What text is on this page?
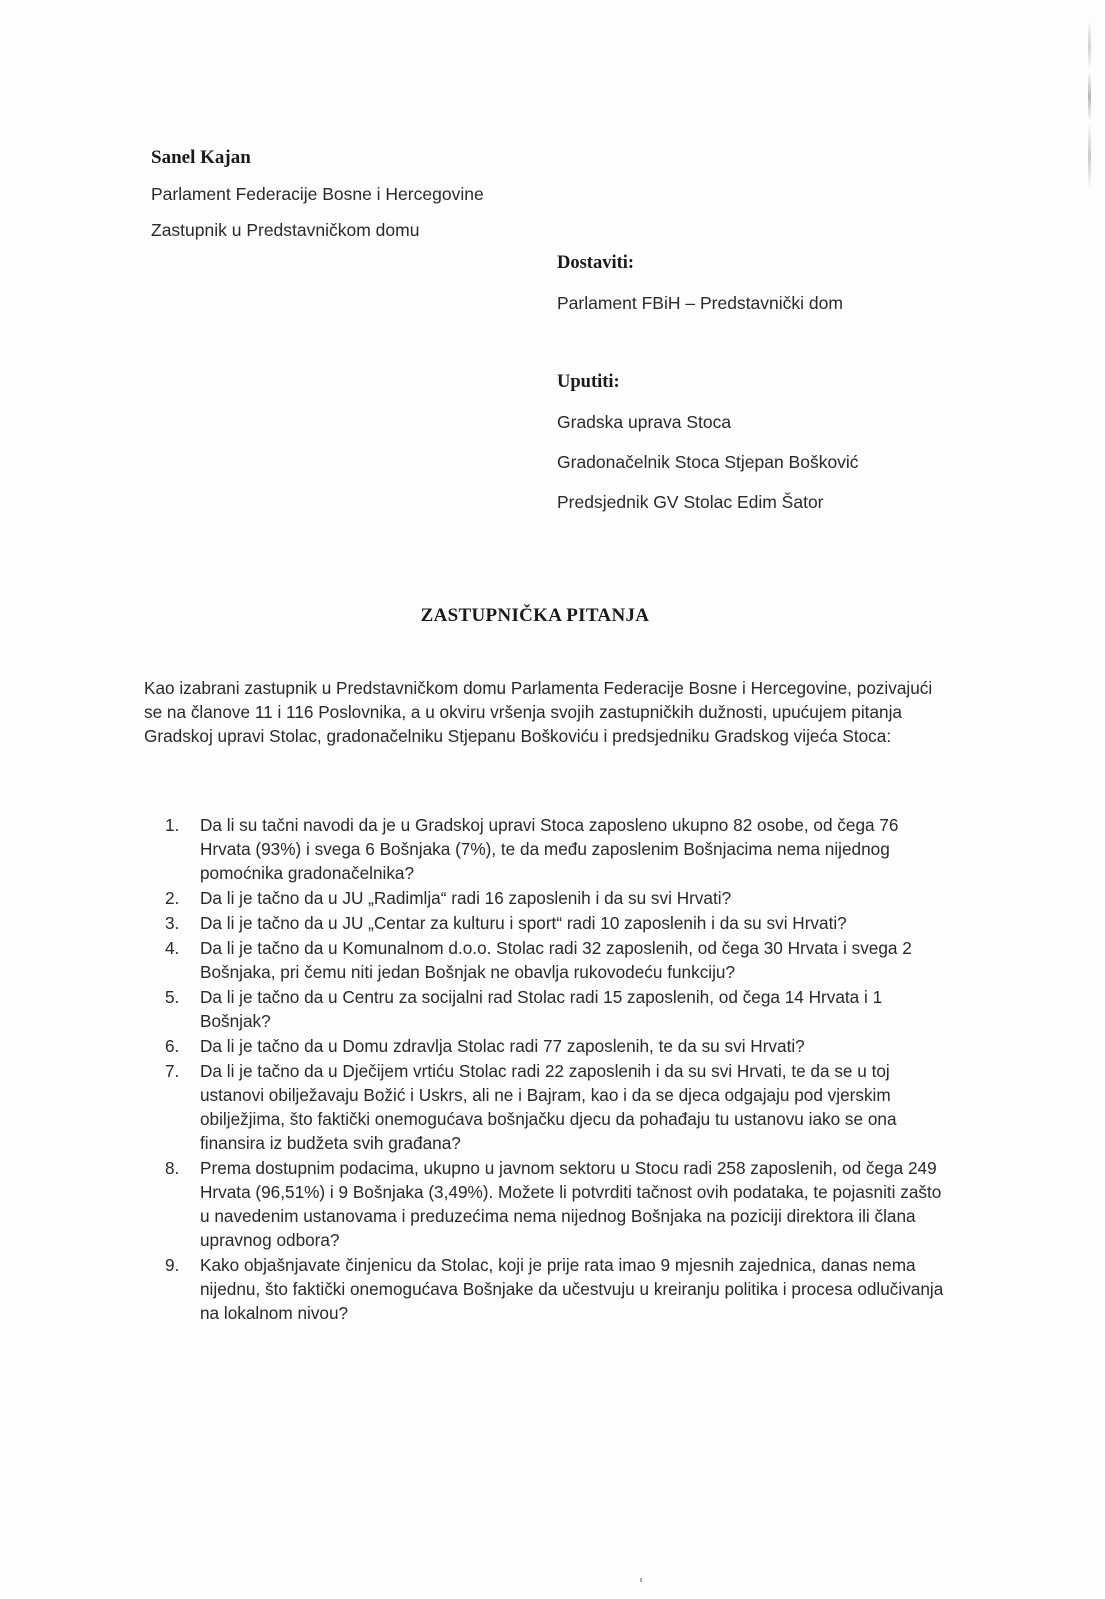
Sanel Kajan
Parlament Federacije Bosne i Hercegovine
Zastupnik u Predstavničkom domu
Dostaviti:
Parlament FBiH – Predstavnički dom
Uputiti:
Gradska uprava Stoca
Gradonačelnik Stoca Stjepan Bošković
Predsjednik GV Stolac Edim Šator
ZASTUPNIČKA PITANJA
Kao izabrani zastupnik u Predstavničkom domu Parlamenta Federacije Bosne i Hercegovine, pozivajući se na članove 11 i 116 Poslovnika, a u okviru vršenja svojih zastupničkih dužnosti, upućujem pitanja Gradskoj upravi Stolac, gradonačelniku Stjepanu Boškoviću i predsjedniku Gradskog vijeća Stoca:
1.	Da li su tačni navodi da je u Gradskoj upravi Stoca zaposleno ukupno 82 osobe, od čega 76 Hrvata (93%) i svega 6 Bošnjaka (7%), te da među zaposlenim Bošnjacima nema nijednog pomoćnika gradonačelnika?
2.	Da li je tačno da u JU „Radimlja“ radi 16 zaposlenih i da su svi Hrvati?
3.	Da li je tačno da u JU „Centar za kulturu i sport“ radi 10 zaposlenih i da su svi Hrvati?
4.	Da li je tačno da u Komunalnom d.o.o. Stolac radi 32 zaposlenih, od čega 30 Hrvata i svega 2 Bošnjaka, pri čemu niti jedan Bošnjak ne obavlja rukovodeću funkciju?
5.	Da li je tačno da u Centru za socijalni rad Stolac radi 15 zaposlenih, od čega 14 Hrvata i 1 Bošnjak?
6.	Da li je tačno da u Domu zdravlja Stolac radi 77 zaposlenih, te da su svi Hrvati?
7.	Da li je tačno da u Dječijem vrtiću Stolac radi 22 zaposlenih i da su svi Hrvati, te da se u toj ustanovi obilježavaju Božić i Uskrs, ali ne i Bajram, kao i da se djeca odgajaju pod vjerskim obilježjima, što faktički onemogućava bošnjačku djecu da pohađaju tu ustanovu iako se ona finansira iz budžeta svih građana?
8.	Prema dostupnim podacima, ukupno u javnom sektoru u Stocu radi 258 zaposlenih, od čega 249 Hrvata (96,51%) i 9 Bošnjaka (3,49%). Možete li potvrditi tačnost ovih podataka, te pojasniti zašto u navedenim ustanovama i preduzećima nema nijednog Bošnjaka na poziciji direktora ili člana upravnog odbora?
9.	Kako objašnjavate činjenicu da Stolac, koji je prije rata imao 9 mjesnih zajednica, danas nema nijednu, što faktički onemogućava Bošnjake da učestvuju u kreiranju politika i procesa odlučivanja na lokalnom nivou?
